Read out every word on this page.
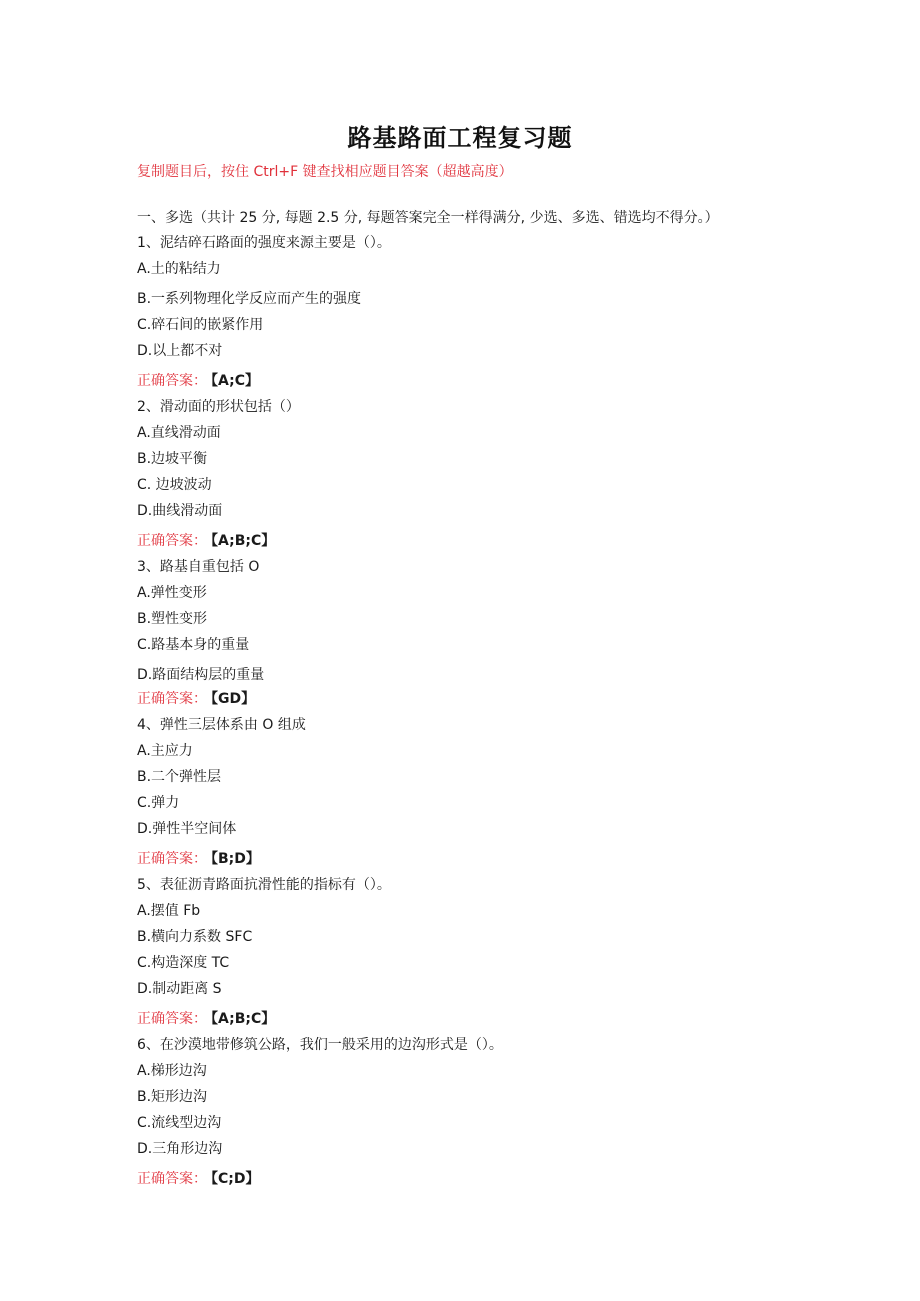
路基路面工程复习题
复制题目后，按住 Ctrl+F 键查找相应题目答案（超越高度）
一、多选（共计 25 分, 每题 2.5 分, 每题答案完全一样得满分, 少选、多选、错选均不得分。）
1、泥结碎石路面的强度来源主要是（）。
A.土的粘结力
B.一系列物理化学反应而产生的强度
C.碎石间的嵌紧作用
D.以上都不对
正确答案： 【A;C】
2、滑动面的形状包括（）
A.直线滑动面
B.边坡平衡
C. 边坡波动
D.曲线滑动面
正确答案： 【A;B;C】
3、路基自重包括 O
A.弹性变形
B.塑性变形
C.路基本身的重量
D.路面结构层的重量
正确答案： 【GD】
4、弹性三层体系由 O 组成
A.主应力
B.二个弹性层
C.弹力
D.弹性半空间体
正确答案： 【B;D】
5、表征沥青路面抗滑性能的指标有（）。
A.摆值 Fb
B.横向力系数 SFC
C.构造深度 TC
D.制动距离 S
正确答案： 【A;B;C】
6、在沙漠地带修筑公路，我们一般采用的边沟形式是（）。
A.梯形边沟
B.矩形边沟
C.流线型边沟
D.三角形边沟
正确答案： 【C;D】
